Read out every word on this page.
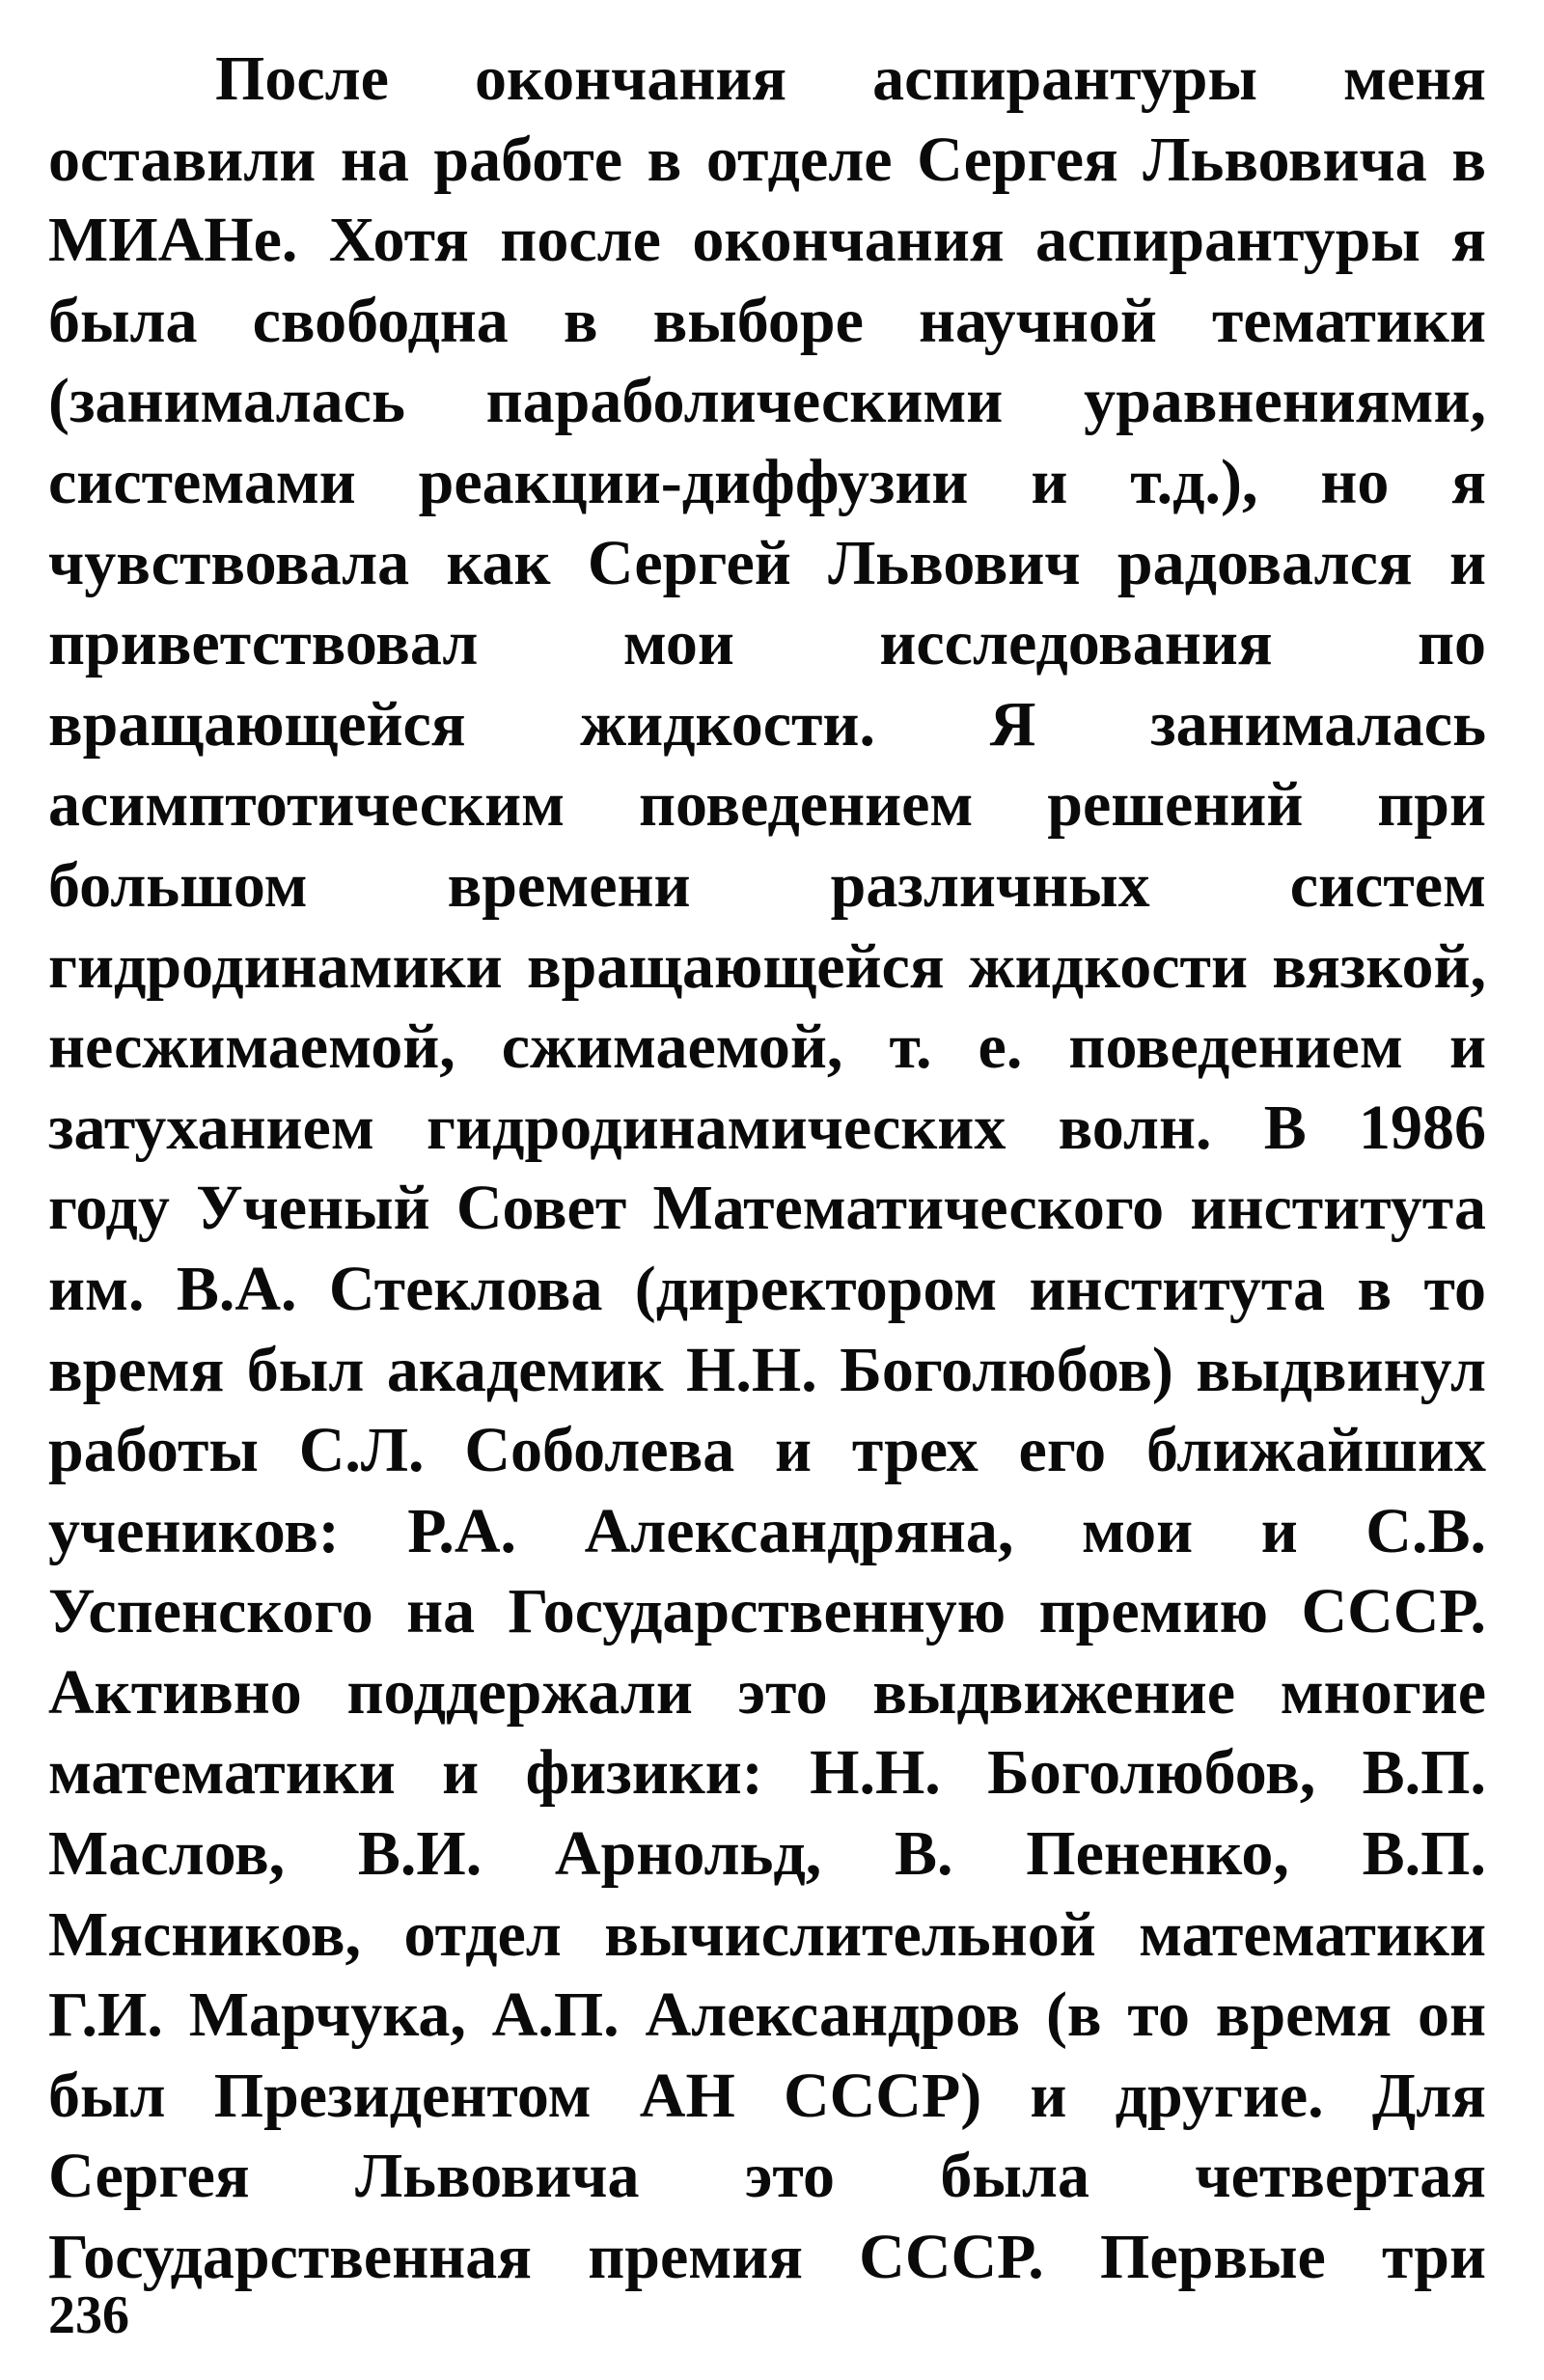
После окончания аспирантуры меня
оставили на работе в отделе Сергея Львовича в
МИАНе. Хотя после окончания аспирантуры я
была свободна в выборе научной тематики
(занималась параболическими уравнениями,
системами реакции-диффузии и т.д.), но я
чувствовала как Сергей Львович радовался и
приветствовал мои исследования по
вращающейся жидкости. Я занималась
асимптотическим поведением решений при
большом времени различных систем
гидродинамики вращающейся жидкости вязкой,
несжимаемой, сжимаемой, т. е. поведением и
затуханием гидродинамических волн. В 1986
году Ученый Совет Математического института
им. В.А. Стеклова (директором института в то
время был академик Н.Н. Боголюбов) выдвинул
работы С.Л. Соболева и трех его ближайших
учеников: Р.А. Александряна, мои и С.В.
Успенского на Государственную премию СССР.
Активно поддержали это выдвижение многие
математики и физики: Н.Н. Боголюбов, В.П.
Маслов, В.И. Арнольд, В. Пененко, В.П.
Мясников, отдел вычислительной математики
Г.И. Марчука, А.П. Александров (в то время он
был Президентом АН СССР) и другие. Для
Сергея Львовича это была четвертая
Государственная премия СССР. Первые три
236
